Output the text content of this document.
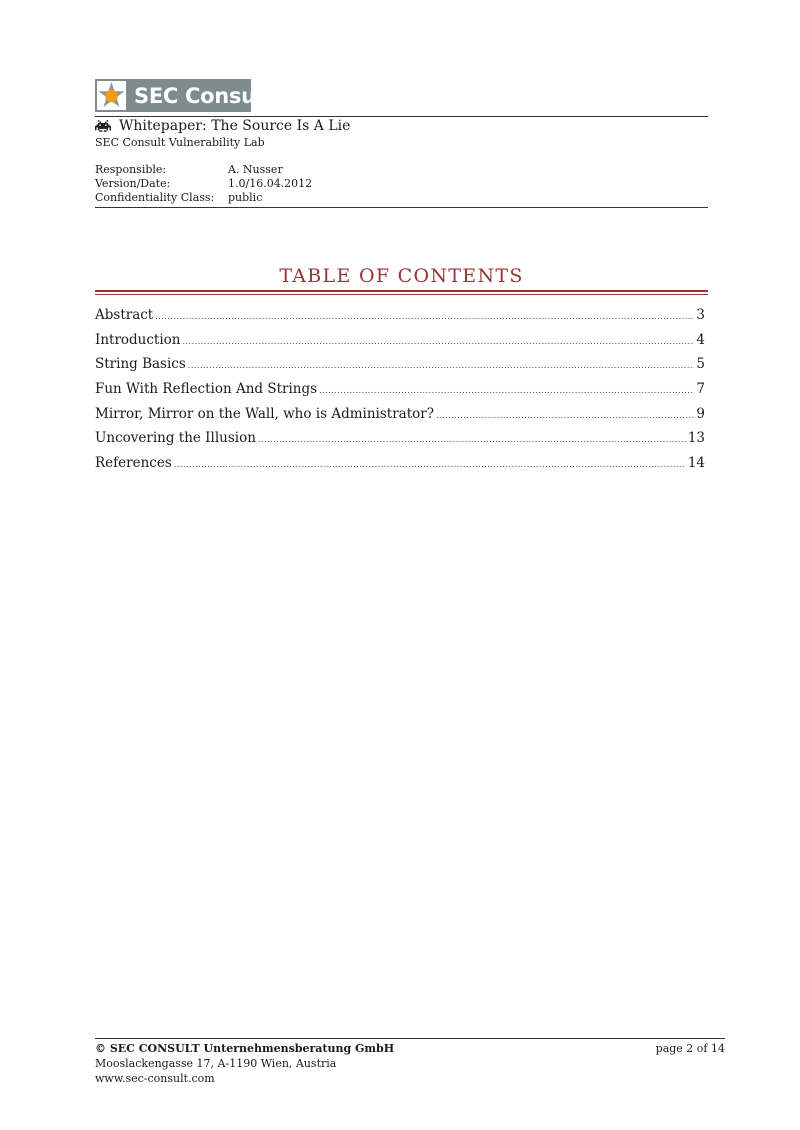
SEC Consult
Whitepaper: The Source Is A Lie
SEC Consult Vulnerability Lab
Responsible:	A. Nusser
Version/Date:	1.0/16.04.2012
Confidentiality Class:	public
TABLE OF CONTENTS
Abstract .....	3
Introduction .....	4
String Basics .....	5
Fun With Reflection And Strings .....	7
Mirror, Mirror on the Wall, who is Administrator? .....	9
Uncovering the Illusion .....	13
References .....	14
© SEC CONSULT Unternehmensberatung GmbH	page 2 of 14
Mooslackengasse 17, A-1190 Wien, Austria
www.sec-consult.com
